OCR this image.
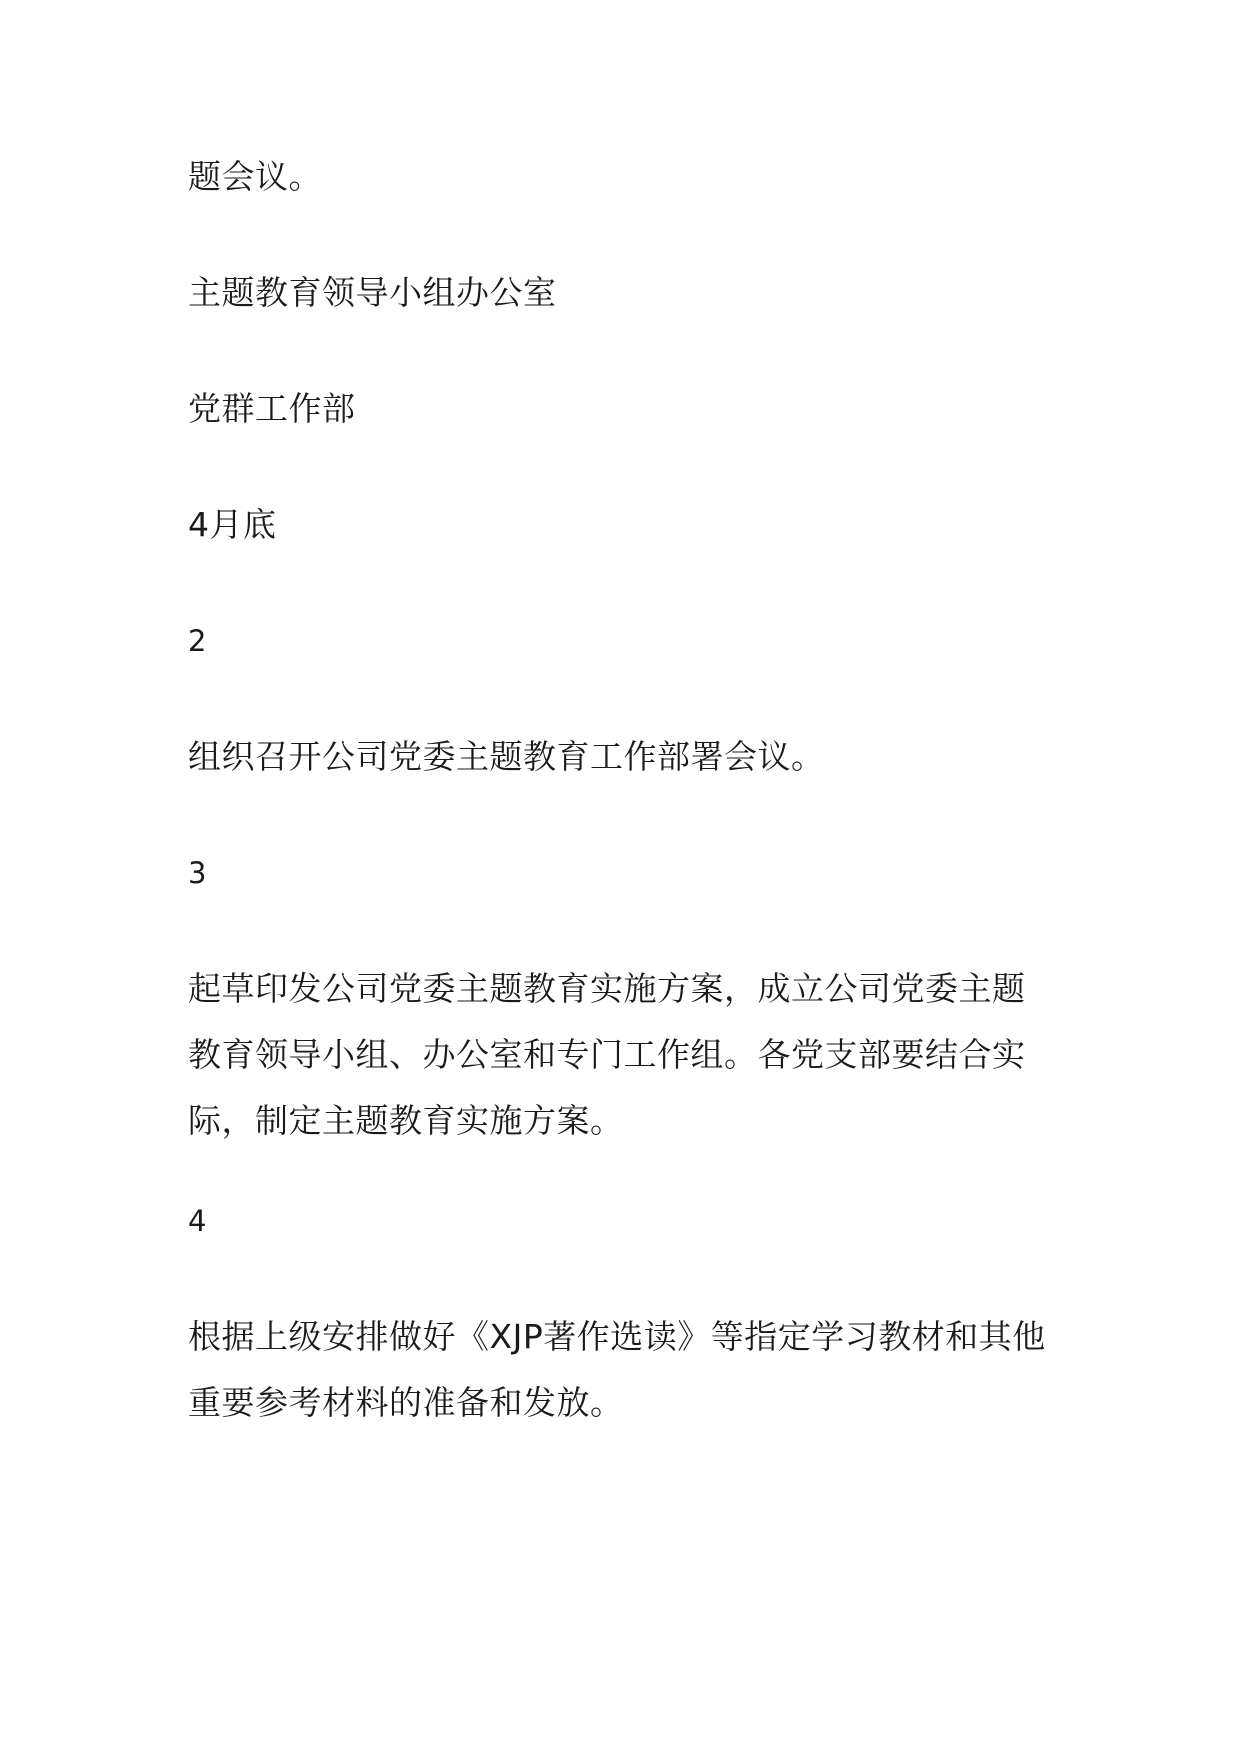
题会议。
主题教育领导小组办公室
党群工作部
4月底
2
组织召开公司党委主题教育工作部署会议。
3
起草印发公司党委主题教育实施方案，成立公司党委主题
教育领导小组、办公室和专门工作组。各党支部要结合实
际，制定主题教育实施方案。
4
根据上级安排做好《XJP著作选读》等指定学习教材和其他
重要参考材料的准备和发放。
